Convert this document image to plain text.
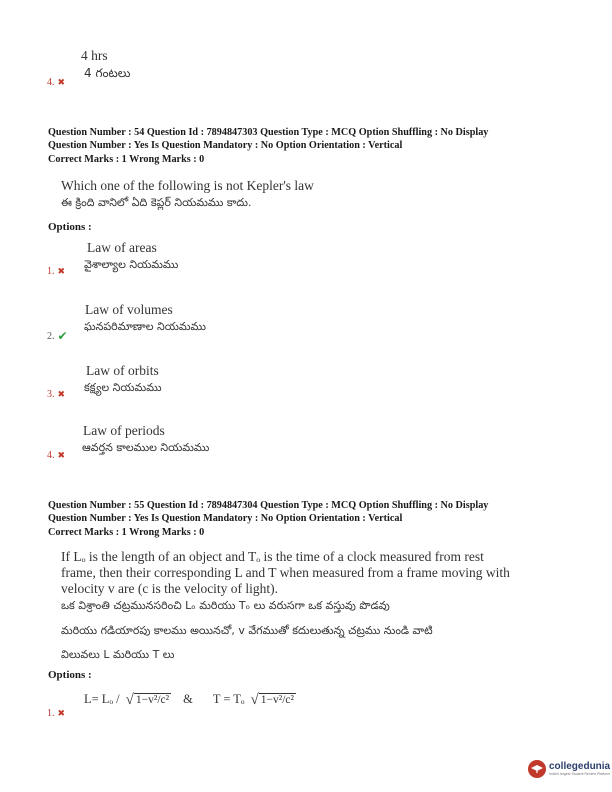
4 hrs
4 గంటలు
4. ✖
Question Number : 54 Question Id : 7894847303 Question Type : MCQ Option Shuffling : No Display
Question Number : Yes Is Question Mandatory : No Option Orientation : Vertical
Correct Marks : 1 Wrong Marks : 0
Which one of the following is not Kepler's law
ఈ క్రింది వానిలో ఏది కెప్లర్ నియమము కాదు.
Options :
Law of areas
వైశాల్యాల నియమము
1. ✖
Law of volumes
ఘనపరిమాణాల నియమము
2. ✔
Law of orbits
కక్ష్యల నియమము
3. ✖
Law of periods
ఆవర్తన కాలముల నియమము
4. ✖
Question Number : 55 Question Id : 7894847304 Question Type : MCQ Option Shuffling : No Display
Question Number : Yes Is Question Mandatory : No Option Orientation : Vertical
Correct Marks : 1 Wrong Marks : 0
If Lₒ is the length of an object and Tₒ is the time of a clock measured from rest
frame, then their corresponding L and T when measured from a frame moving with
velocity v are (c is the velocity of light).
ఒక విశ్రాంతి చట్రమునసరించి Lₒ మరియు Tₒ లు వరుసగా ఒక వస్తువు పొడవు
మరియు గడియారపు కాలము అయినచో, v వేగముతో కదులుతున్న చట్రము నుండి వాటి
విలువలు L మరియు T లు
Options :
L= Lₒ / √ 1−v²/c² & T = Tₒ √ 1−v²/c²
1. ✖
collegedunia
India's largest Student Review Platform
